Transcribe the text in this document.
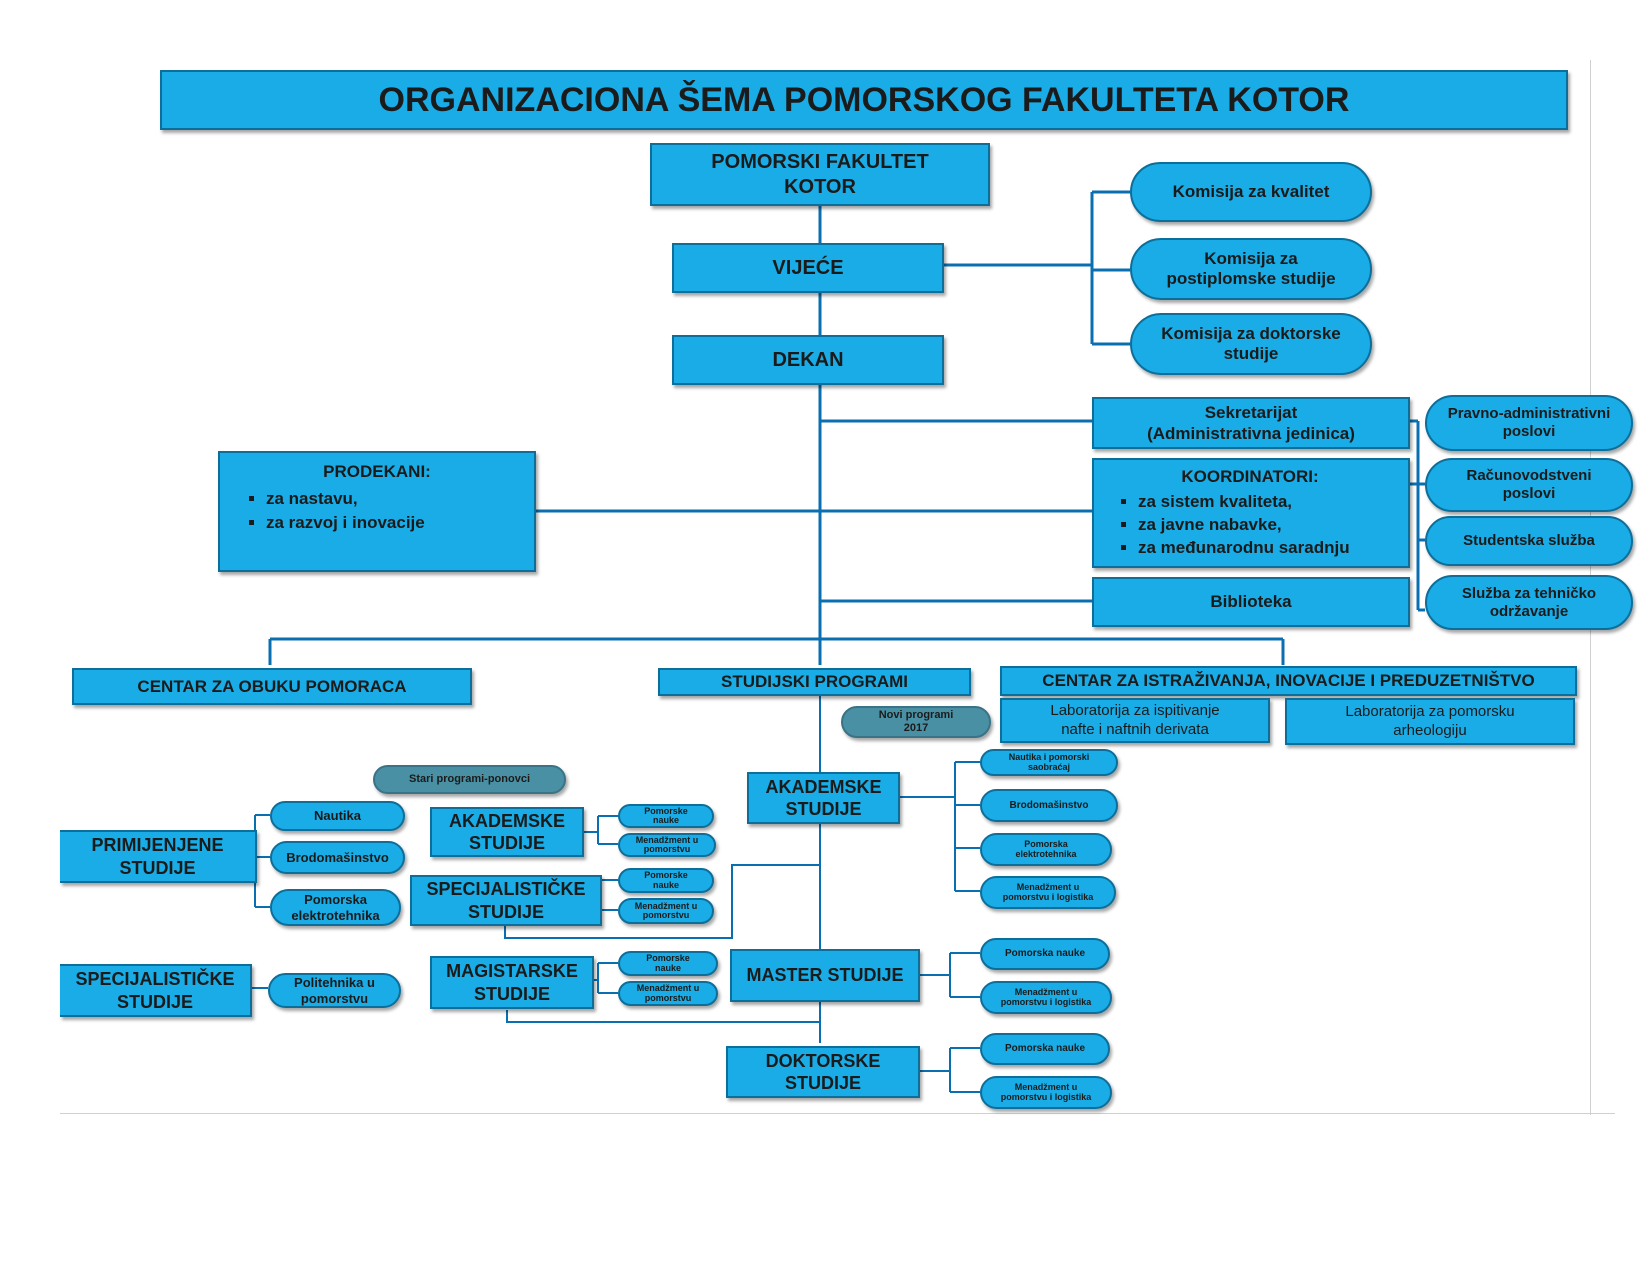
ORGANIZACIONA ŠEMA POMORSKOG FAKULTETA KOTOR
POMORSKI FAKULTET
KOTOR
VIJEĆE
DEKAN
Komisija za kvalitet
Komisija za
postiplomske studije
Komisija za doktorske
studije
PRODEKANI:
▪ za nastavu,
▪ za razvoj i inovacije
Sekretarijat
(Administrativna jedinica)
KOORDINATORI:
▪ za sistem kvaliteta,
▪ za javne nabavke,
▪ za međunarodnu saradnju
Biblioteka
Pravno-administrativni
poslovi
Računovodstveni
poslovi
Studentska služba
Služba za tehničko
održavanje
CENTAR ZA OBUKU POMORACA	STUDIJSKI PROGRAMI	CENTAR ZA ISTRAŽIVANJA, INOVACIJE I PREDUZETNIŠTVO
Laboratorija za ispitivanje
nafte i naftnih derivata
Laboratorija za pomorsku
arheologiju
Novi programi
2017
Stari programi-ponovci
PRIMIJENJENE
STUDIJE
Nautika
Brodomašinstvo
Pomorska
elektrotehnika
SPECIJALISTIČKE
STUDIJE
Politehnika u
pomorstvu
AKADEMSKE
STUDIJE
Pomorske
nauke
Menadžment u
pomorstvu
SPECIJALISTIČKE
STUDIJE
Pomorske
nauke
Menadžment u
pomorstvu
MAGISTARSKE
STUDIJE
Pomorske
nauke
Menadžment u
pomorstvu
AKADEMSKE
STUDIJE
Nautika i pomorski
saobraćaj
Brodomašinstvo
Pomorska
elektrotehnika
Menadžment u
pomorstvu i logistika
MASTER STUDIJE
Pomorska nauke
Menadžment u
pomorstvu i logistika
DOKTORSKE
STUDIJE
Pomorska nauke
Menadžment u
pomorstvu i logistika
